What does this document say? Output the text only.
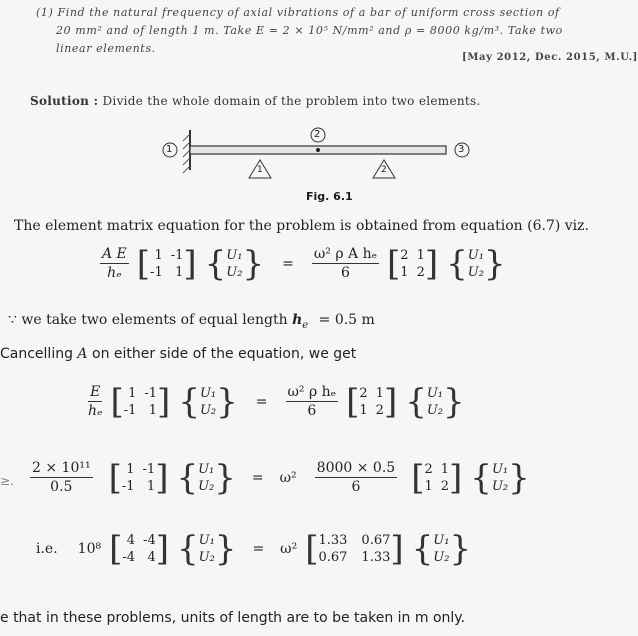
(1) Find the natural frequency of axial vibrations of a bar of uniform cross section of
20 mm² and of length 1 m. Take E = 2 × 10⁵ N/mm² and ρ = 8000 kg/m³. Take two
linear elements.
[May 2012, Dec. 2015, M.U.]
Solution : Divide the whole domain of the problem into two elements.
1
2
3
1	2
Fig. 6.1
The element matrix equation for the problem is obtained from equation (6.7) viz.
$\frac{\text{A E}}{\text{hₑ}}$ [ 1 -1
-1 1 ] { U₁
U₂ } = $\frac{\text{ω² ρ A hₑ}}{6}$ [ 2 1
1 2 ] { U₁
U₂ }
∵ we take two elements of equal length $h_e = 0.5$ m
Cancelling A on either side of the equation, we get
$\frac{E}{\text{hₑ}}$ [ 1 -1
-1 1 ] { U₁
U₂ } = $\frac{\text{ω² ρ hₑ}}{6}$ [ 2 1
1 2 ] { U₁
U₂ }
≥. $\frac{\text{2 × 10¹¹}}{0.5}$ [ 1 -1
-1 1 ] { U₁
U₂ } = $\omega^2 \frac{8000 \times 0.5}{6}$ [ 2 1
1 2 ] { U₁
U₂ }
i.e. 10⁸ [ 4 -4
-4 4 ] { U₁
U₂ } = ω² [ 1.33 0.67
0.67 1.33 ] { U₁
U₂ }
e that in these problems, units of length are to be taken in m only.
